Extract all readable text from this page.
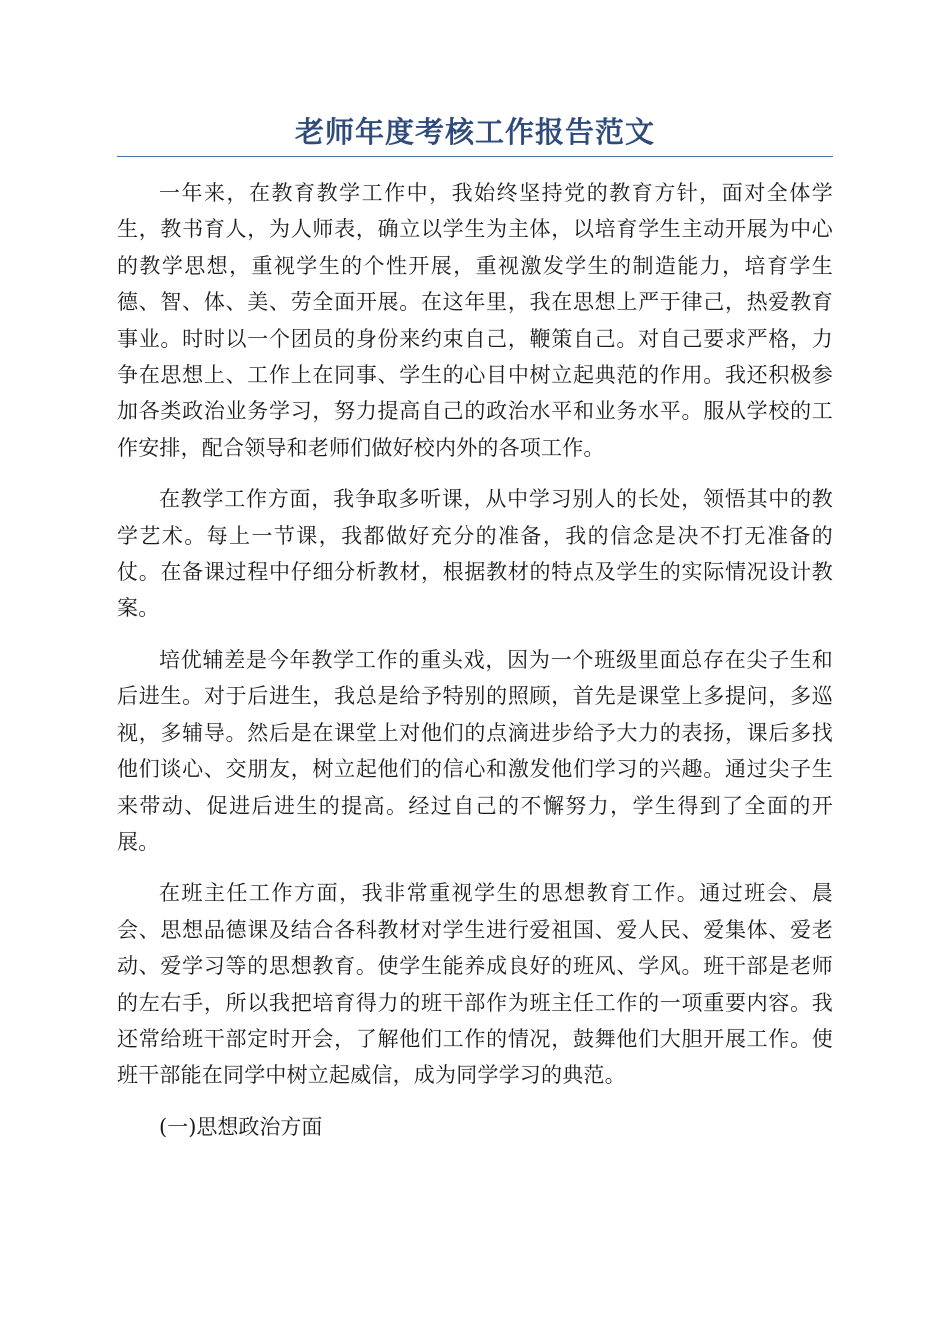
老师年度考核工作报告范文

一年来，在教育教学工作中，我始终坚持党的教育方针，面对全体学生，教书育人，为人师表，确立以学生为主体，以培育学生主动开展为中心的教学思想，重视学生的个性开展，重视激发学生的制造能力，培育学生德、智、体、美、劳全面开展。在这年里，我在思想上严于律己，热爱教育事业。时时以一个团员的身份来约束自己，鞭策自己。对自己要求严格，力争在思想上、工作上在同事、学生的心目中树立起典范的作用。我还积极参加各类政治业务学习，努力提高自己的政治水平和业务水平。服从学校的工作安排，配合领导和老师们做好校内外的各项工作。

在教学工作方面，我争取多听课，从中学习别人的长处，领悟其中的教学艺术。每上一节课，我都做好充分的准备，我的信念是决不打无准备的仗。在备课过程中仔细分析教材，根据教材的特点及学生的实际情况设计教案。

培优辅差是今年教学工作的重头戏，因为一个班级里面总存在尖子生和后进生。对于后进生，我总是给予特别的照顾，首先是课堂上多提问，多巡视，多辅导。然后是在课堂上对他们的点滴进步给予大力的表扬，课后多找他们谈心、交朋友，树立起他们的信心和激发他们学习的兴趣。通过尖子生来带动、促进后进生的提高。经过自己的不懈努力，学生得到了全面的开展。

在班主任工作方面，我非常重视学生的思想教育工作。通过班会、晨会、思想品德课及结合各科教材对学生进行爱祖国、爱人民、爱集体、爱老动、爱学习等的思想教育。使学生能养成良好的班风、学风。班干部是老师的左右手，所以我把培育得力的班干部作为班主任工作的一项重要内容。我还常给班干部定时开会，了解他们工作的情况，鼓舞他们大胆开展工作。使班干部能在同学中树立起威信，成为同学学习的典范。

(一)思想政治方面
